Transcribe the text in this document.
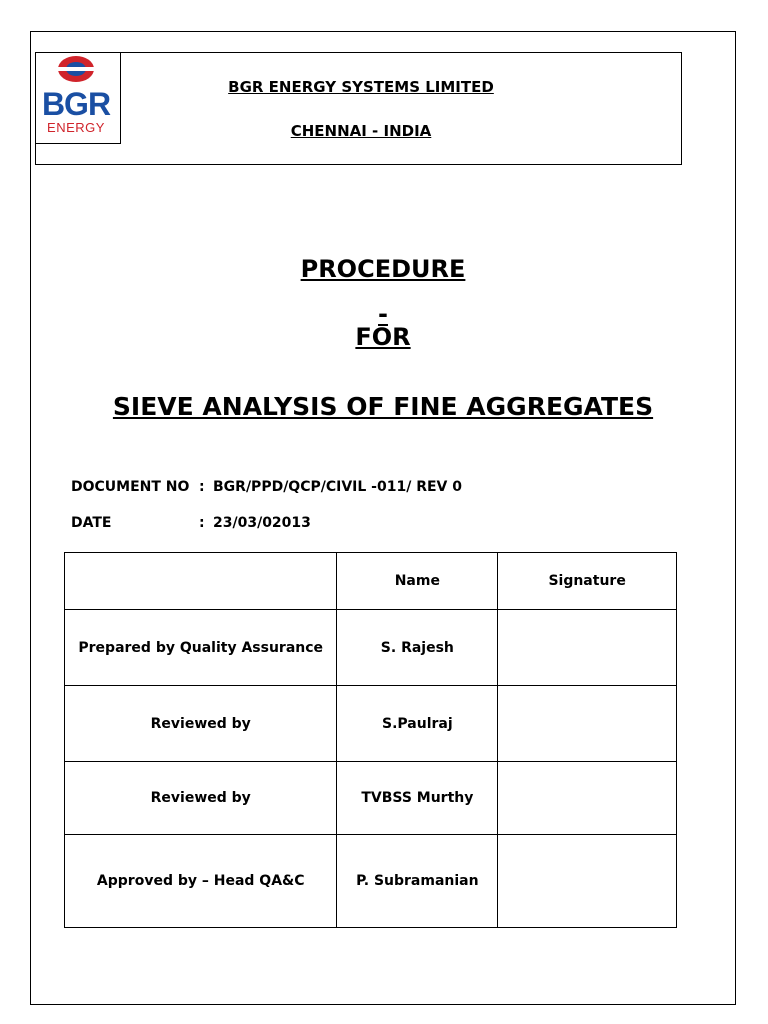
BGR
ENERGY
BGR ENERGY SYSTEMS LIMITED
CHENNAI - INDIA
PROCEDURE
-
FOR
SIEVE ANALYSIS OF FINE AGGREGATES
DOCUMENT NO : BGR/PPD/QCP/CIVIL -011/ REV 0
DATE	: 23/03/02013
	Name	Signature
Prepared by Quality Assurance	S. Rajesh	
Reviewed by	S.Paulraj	
Reviewed by	TVBSS Murthy	
Approved by – Head QA&C	P. Subramanian	
